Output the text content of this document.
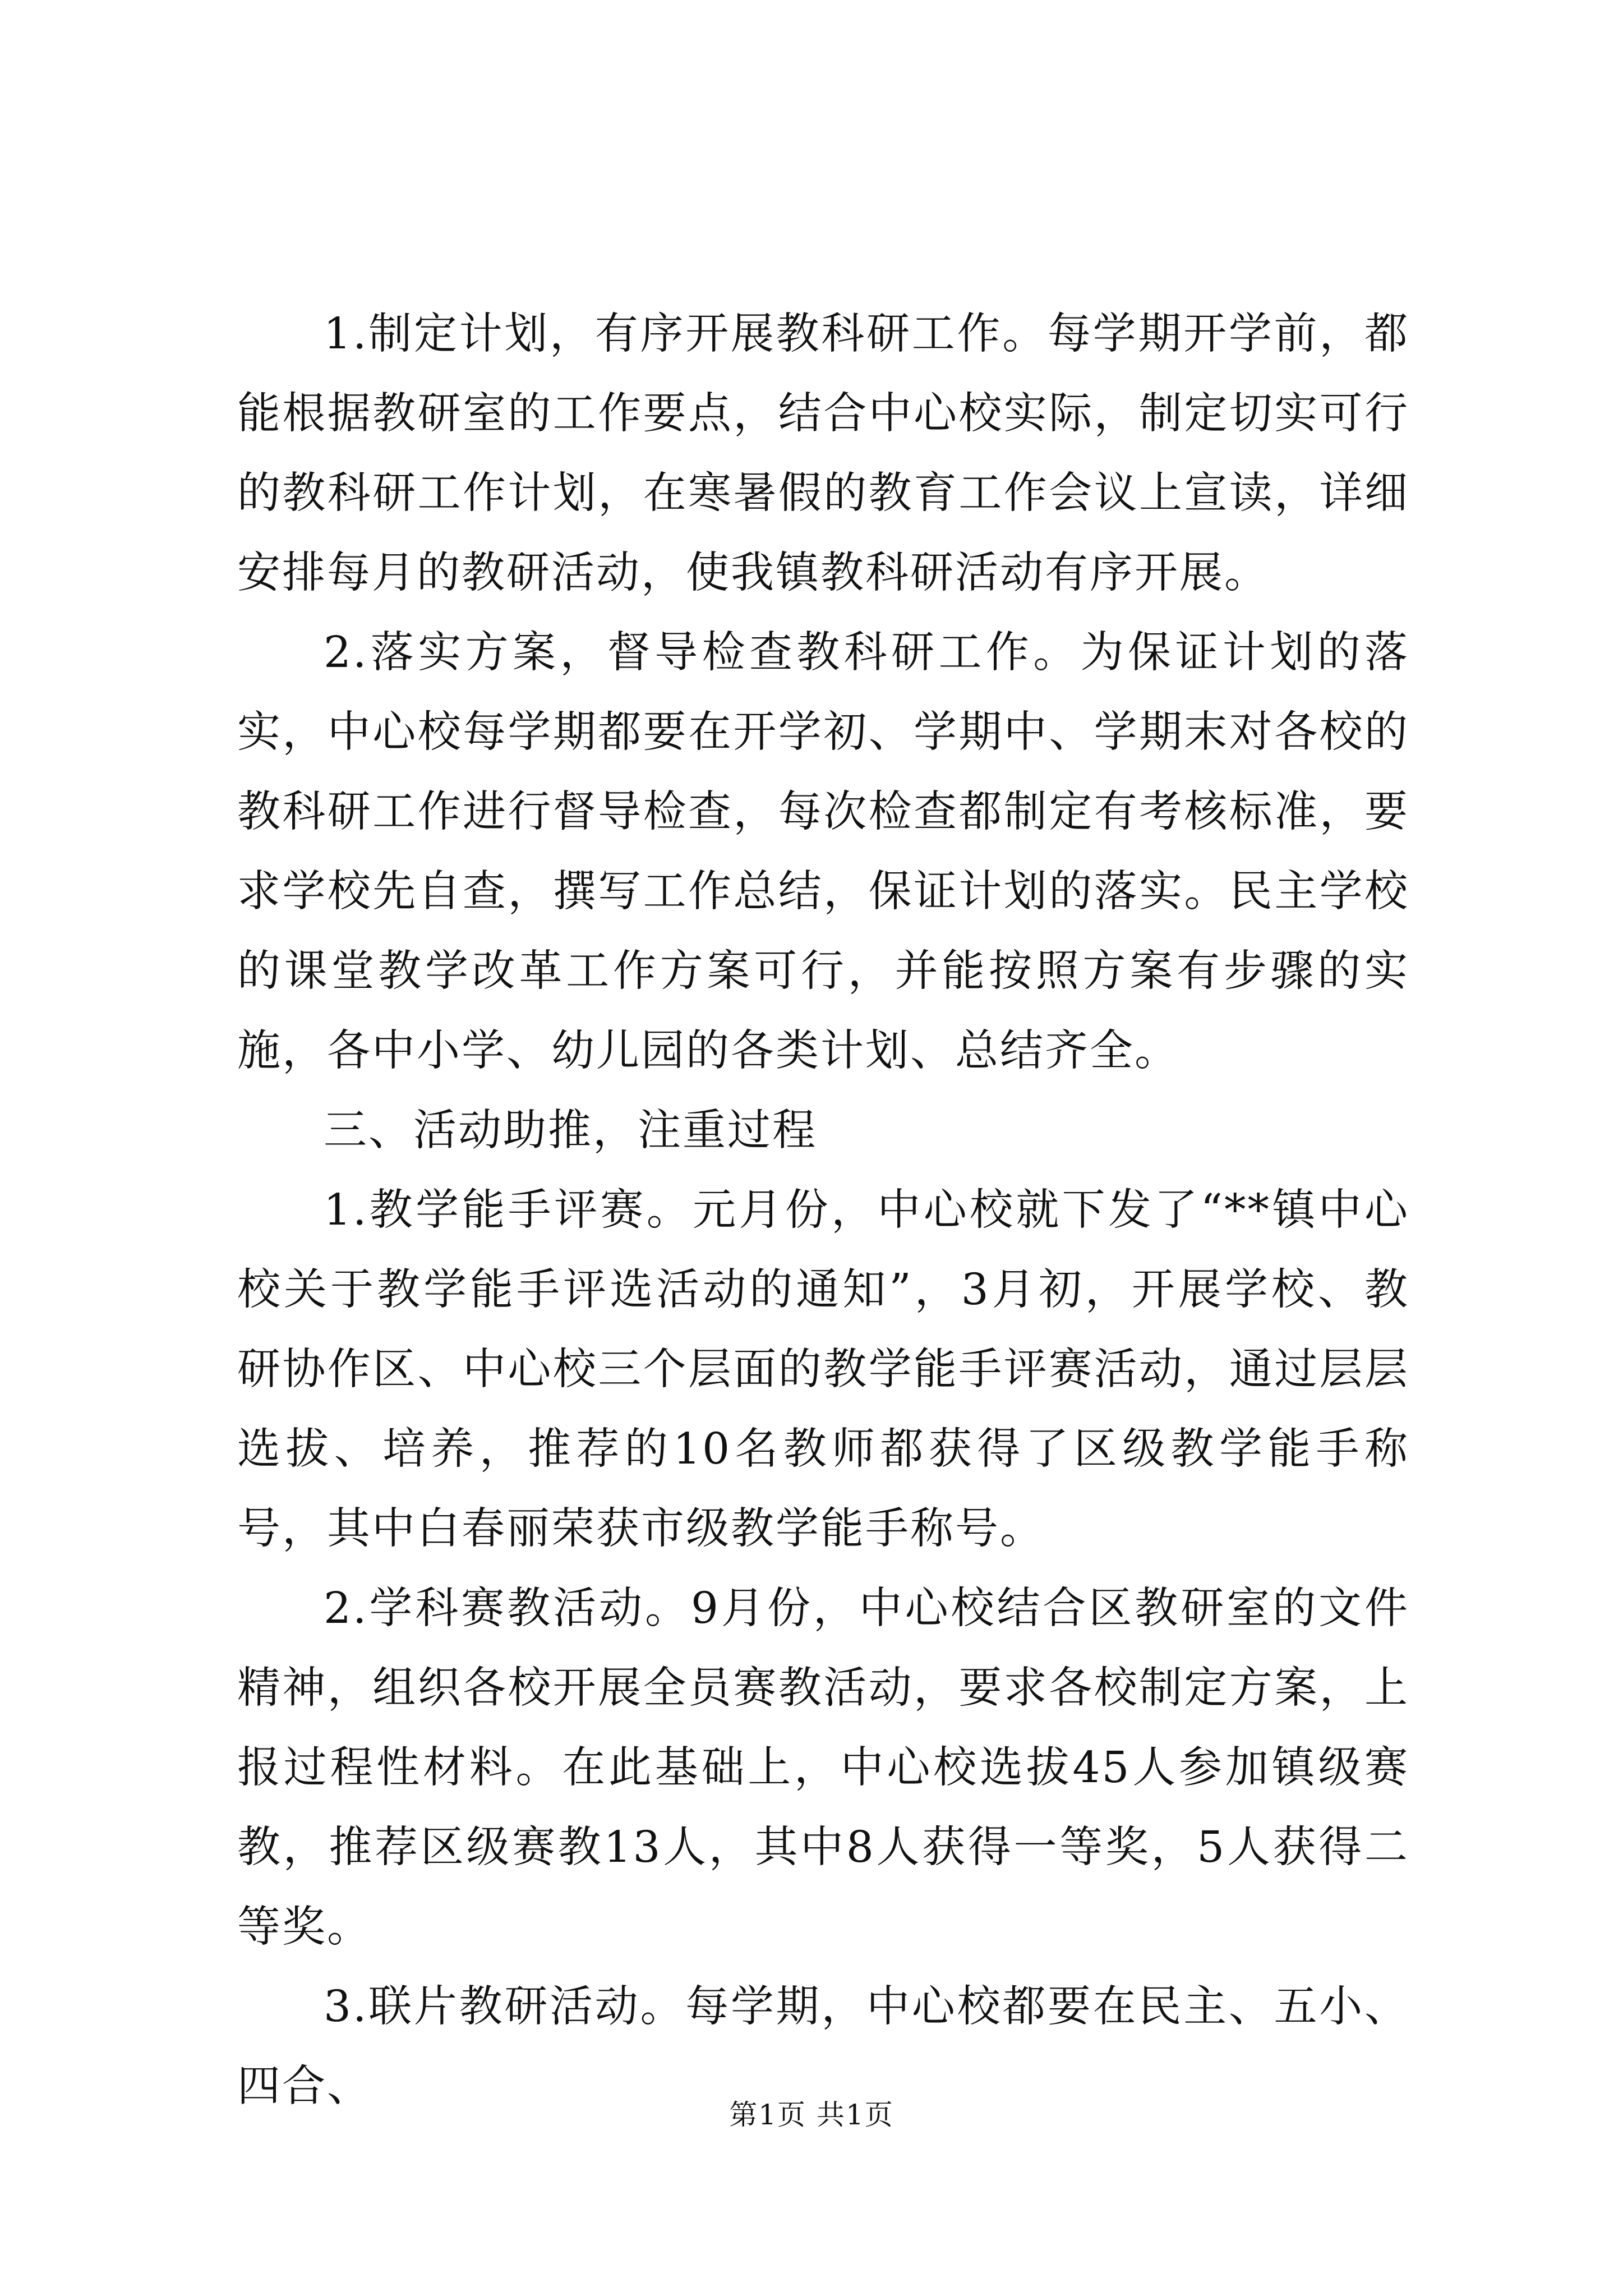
1.制定计划，有序开展教科研工作。每学期开学前，都能根据教研室的工作要点，结合中心校实际，制定切实可行的教科研工作计划，在寒暑假的教育工作会议上宣读，详细安排每月的教研活动，使我镇教科研活动有序开展。

2.落实方案，督导检查教科研工作。为保证计划的落实，中心校每学期都要在开学初、学期中、学期末对各校的教科研工作进行督导检查，每次检查都制定有考核标准，要求学校先自查，撰写工作总结，保证计划的落实。民主学校的课堂教学改革工作方案可行，并能按照方案有步骤的实施，各中小学、幼儿园的各类计划、总结齐全。

三、活动助推，注重过程

1.教学能手评赛。元月份，中心校就下发了“**镇中心校关于教学能手评选活动的通知”，3月初，开展学校、教研协作区、中心校三个层面的教学能手评赛活动，通过层层选拔、培养，推荐的10名教师都获得了区级教学能手称号，其中白春丽荣获市级教学能手称号。

2.学科赛教活动。9月份，中心校结合区教研室的文件精神，组织各校开展全员赛教活动，要求各校制定方案，上报过程性材料。在此基础上，中心校选拔45人参加镇级赛教，推荐区级赛教13人，其中8人获得一等奖，5人获得二等奖。

3.联片教研活动。每学期，中心校都要在民主、五小、四合、

第1页 共1页
